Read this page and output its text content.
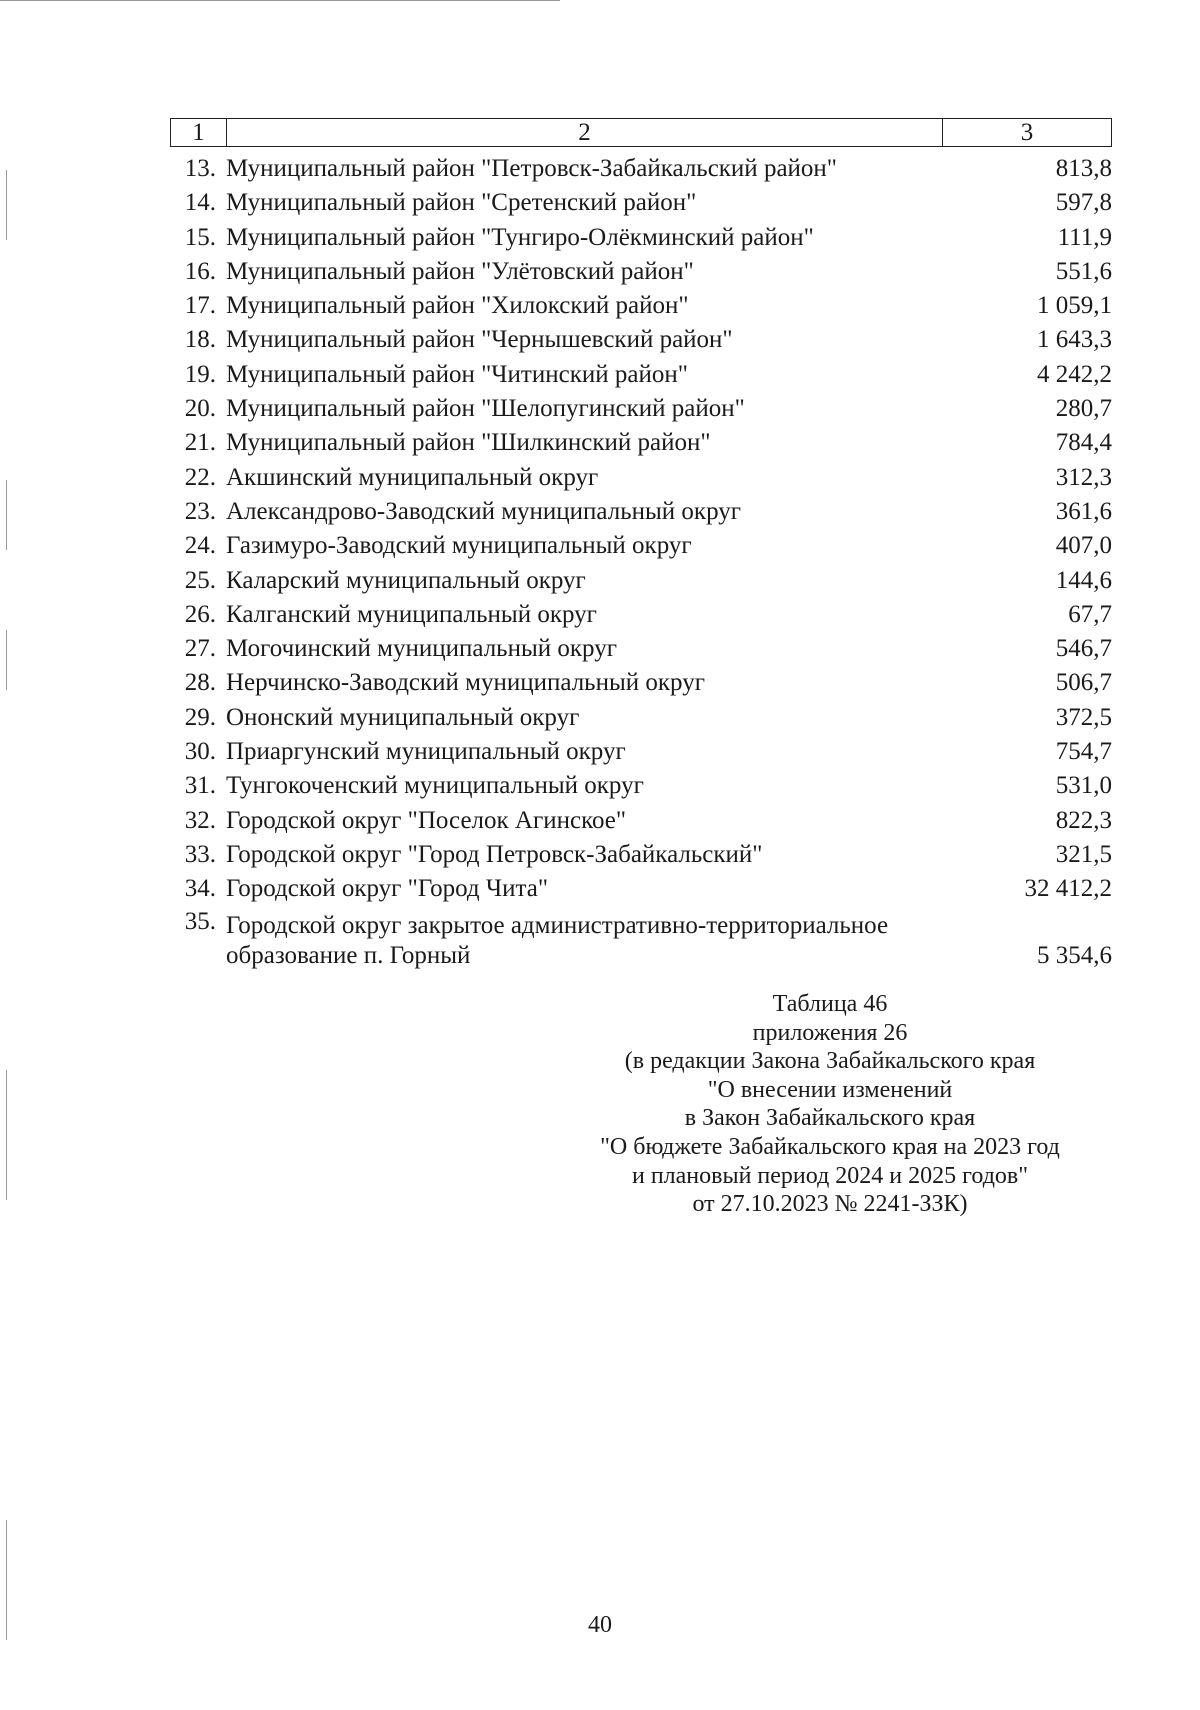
1	2	3
13. Муниципальный район "Петровск-Забайкальский район"	813,8
14. Муниципальный район "Сретенский район"	597,8
15. Муниципальный район "Тунгиро-Олёкминский район"	111,9
16. Муниципальный район "Улётовский район"	551,6
17. Муниципальный район "Хилокский район"	1 059,1
18. Муниципальный район "Чернышевский район"	1 643,3
19. Муниципальный район "Читинский район"	4 242,2
20. Муниципальный район "Шелопугинский район"	280,7
21. Муниципальный район "Шилкинский район"	784,4
22. Акшинский муниципальный округ	312,3
23. Александрово-Заводский муниципальный округ	361,6
24. Газимуро-Заводский муниципальный округ	407,0
25. Каларский муниципальный округ	144,6
26. Калганский муниципальный округ	67,7
27. Могочинский муниципальный округ	546,7
28. Нерчинско-Заводский муниципальный округ	506,7
29. Ононский муниципальный округ	372,5
30. Приаргунский муниципальный округ	754,7
31. Тунгокоченский муниципальный округ	531,0
32. Городской округ "Поселок Агинское"	822,3
33. Городской округ "Город Петровск-Забайкальский"	321,5
34. Городской округ "Город Чита"	32 412,2
35. Городской округ закрытое административно-территориальное
образование п. Горный	5 354,6
Таблица 46
приложения 26
(в редакции Закона Забайкальского края
"О внесении изменений
в Закон Забайкальского края
"О бюджете Забайкальского края на 2023 год
и плановый период 2024 и 2025 годов"
от 27.10.2023 № 2241-ЗЗК)
40
